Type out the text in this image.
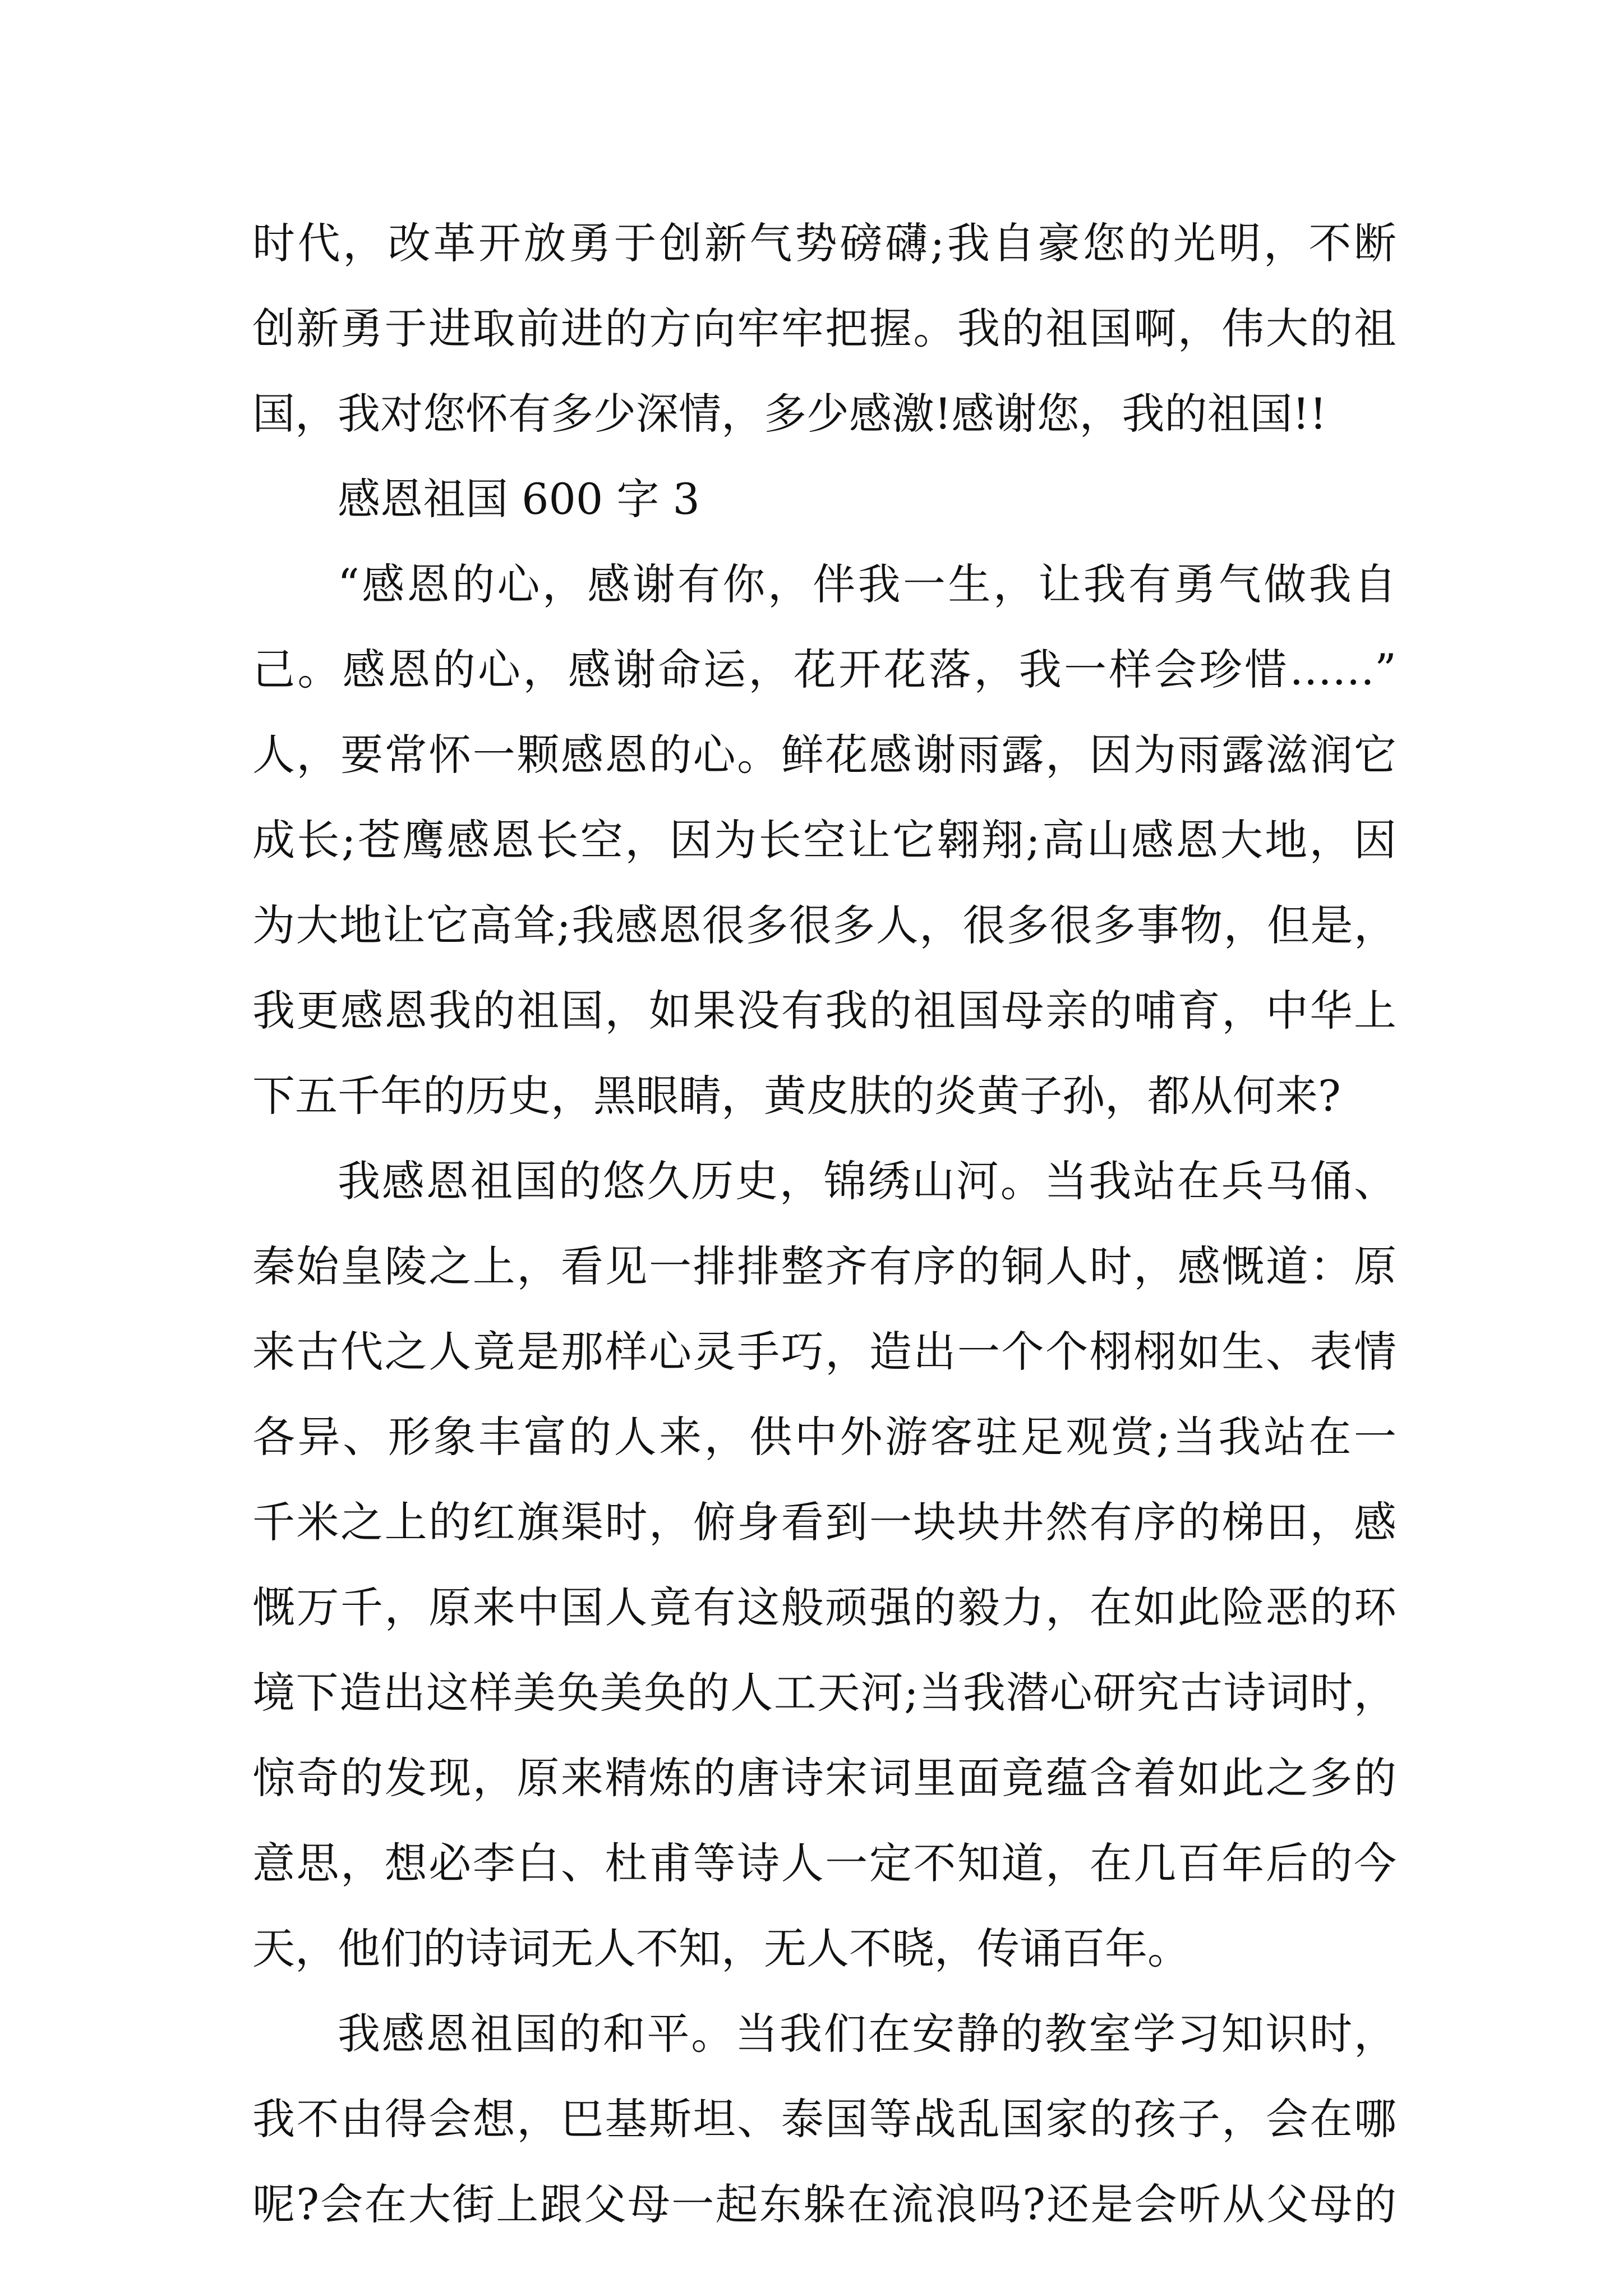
时代，改革开放勇于创新气势磅礴;我自豪您的光明，不断
创新勇于进取前进的方向牢牢把握。我的祖国啊，伟大的祖
国，我对您怀有多少深情，多少感激!感谢您，我的祖国!!
感恩祖国 600 字 3
“感恩的心，感谢有你，伴我一生，让我有勇气做我自
己。感恩的心，感谢命运，花开花落，我一样会珍惜……”
人，要常怀一颗感恩的心。鲜花感谢雨露，因为雨露滋润它
成长;苍鹰感恩长空，因为长空让它翱翔;高山感恩大地，因
为大地让它高耸;我感恩很多很多人，很多很多事物，但是，
我更感恩我的祖国，如果没有我的祖国母亲的哺育，中华上
下五千年的历史，黑眼睛，黄皮肤的炎黄子孙，都从何来?
我感恩祖国的悠久历史，锦绣山河。当我站在兵马俑、
秦始皇陵之上，看见一排排整齐有序的铜人时，感慨道：原
来古代之人竟是那样心灵手巧，造出一个个栩栩如生、表情
各异、形象丰富的人来，供中外游客驻足观赏;当我站在一
千米之上的红旗渠时，俯身看到一块块井然有序的梯田，感
慨万千，原来中国人竟有这般顽强的毅力，在如此险恶的环
境下造出这样美奂美奂的人工天河;当我潜心研究古诗词时，
惊奇的发现，原来精炼的唐诗宋词里面竟蕴含着如此之多的
意思，想必李白、杜甫等诗人一定不知道，在几百年后的今
天，他们的诗词无人不知，无人不晓，传诵百年。
我感恩祖国的和平。当我们在安静的教室学习知识时，
我不由得会想，巴基斯坦、泰国等战乱国家的孩子，会在哪
呢?会在大街上跟父母一起东躲在流浪吗?还是会听从父母的
